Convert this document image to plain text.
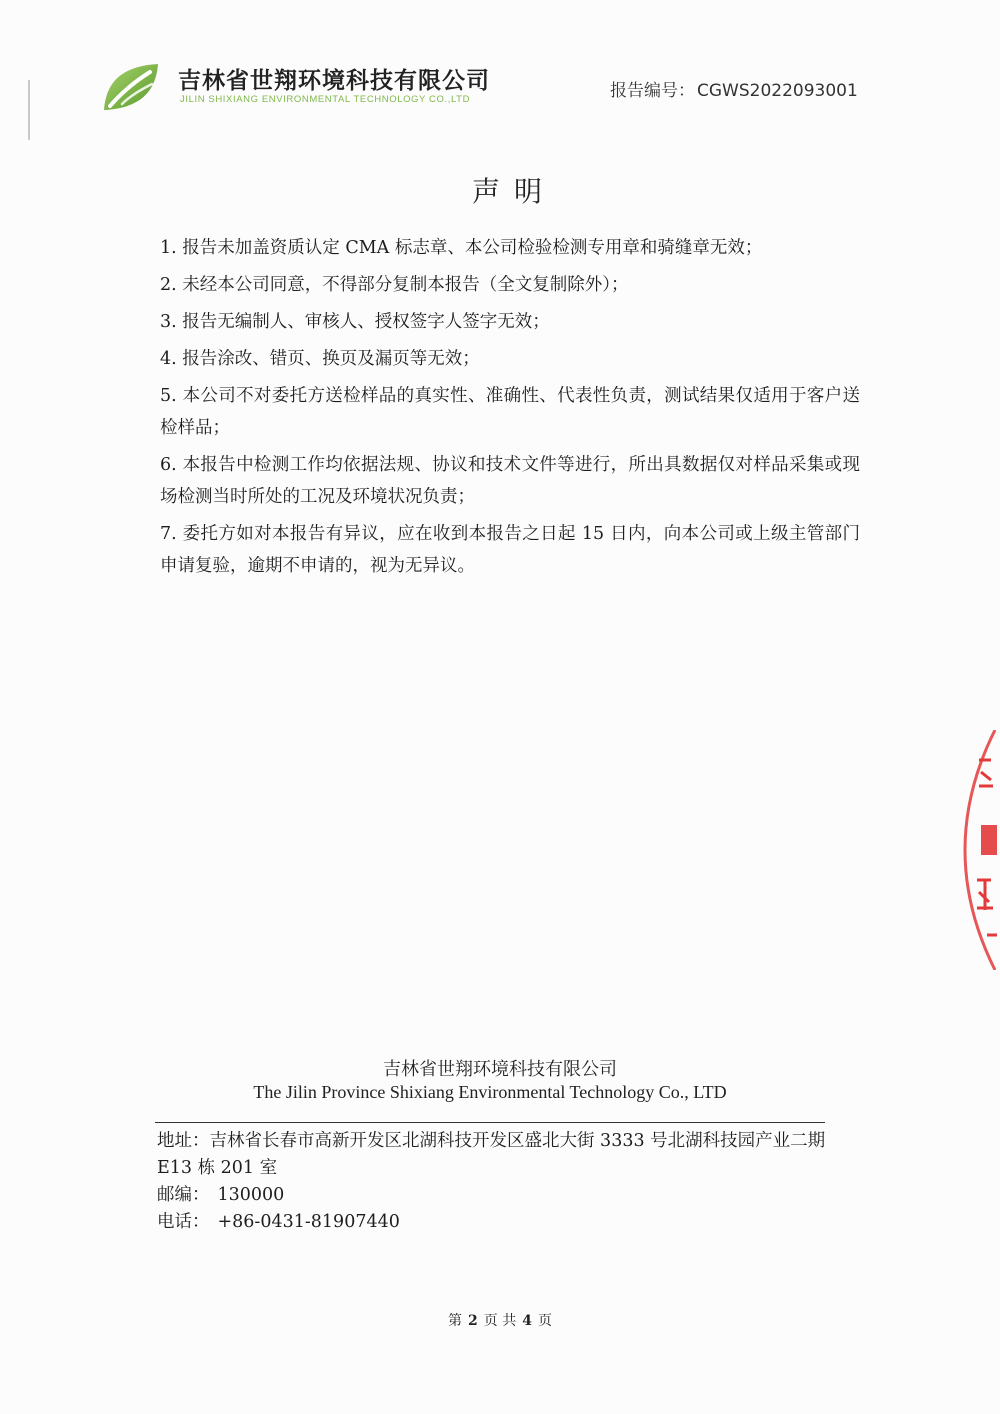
吉林省世翔环境科技有限公司
JILIN SHIXIANG ENVIRONMENTAL TECHNOLOGY CO.,LTD	报告编号： CGWS2022093001
声明
1. 报告未加盖资质认定 CMA 标志章、本公司检验检测专用章和骑缝章无效；
2. 未经本公司同意，不得部分复制本报告（全文复制除外）；
3. 报告无编制人、审核人、授权签字人签字无效；
4. 报告涂改、错页、换页及漏页等无效；
5. 本公司不对委托方送检样品的真实性、准确性、代表性负责，测试结果仅适用于客户送检样品；
6. 本报告中检测工作均依据法规、协议和技术文件等进行，所出具数据仅对样品采集或现场检测当时所处的工况及环境状况负责；
7. 委托方如对本报告有异议，应在收到本报告之日起 15 日内，向本公司或上级主管部门申请复验，逾期不申请的，视为无异议。
吉林省世翔环境科技有限公司
The Jilin Province Shixiang Environmental Technology Co., LTD
地址：吉林省长春市高新开发区北湖科技开发区盛北大街 3333 号北湖科技园产业二期 E13 栋 201 室
邮编： 130000
电话： +86-0431-81907440
第 2 页 共 4 页
